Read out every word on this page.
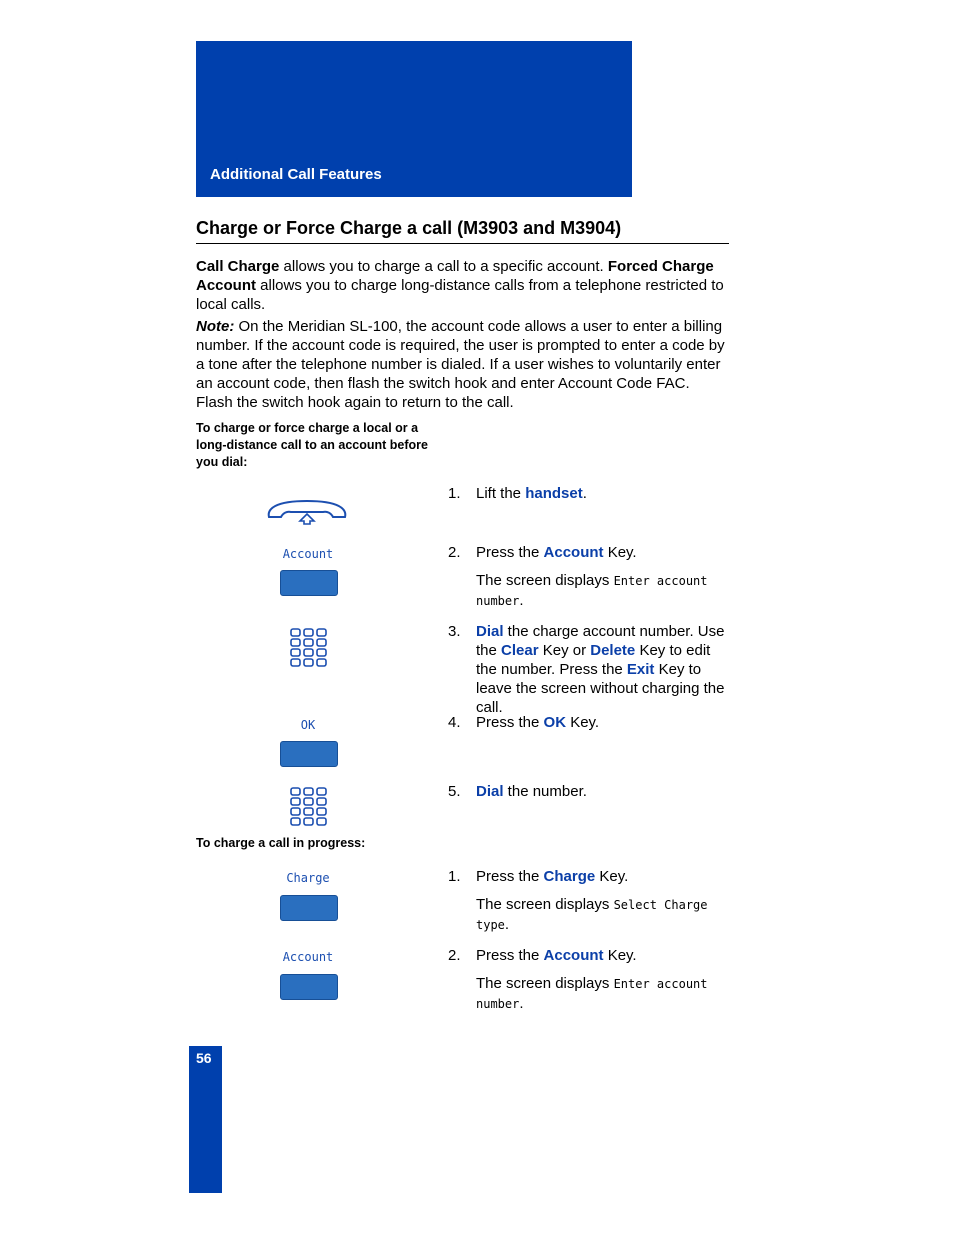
Additional Call Features
Charge or Force Charge a call (M3903 and M3904)
Call Charge allows you to charge a call to a specific account. Forced Charge Account allows you to charge long-distance calls from a telephone restricted to local calls.
Note: On the Meridian SL-100, the account code allows a user to enter a billing number. If the account code is required, the user is prompted to enter a code by a tone after the telephone number is dialed. If a user wishes to voluntarily enter an account code, then flash the switch hook and enter Account Code FAC. Flash the switch hook again to return to the call.
To charge or force charge a local or a long-distance call to an account before you dial:
1. Lift the handset.
Account	2. Press the Account Key.
The screen displays Enter account number.
3. Dial the charge account number. Use the Clear Key or Delete Key to edit the number. Press the Exit Key to leave the screen without charging the call.
OK	4. Press the OK Key.
5. Dial the number.
To charge a call in progress:
Charge	1. Press the Charge Key.
The screen displays Select Charge type.
Account	2. Press the Account Key.
The screen displays Enter account number.
56
